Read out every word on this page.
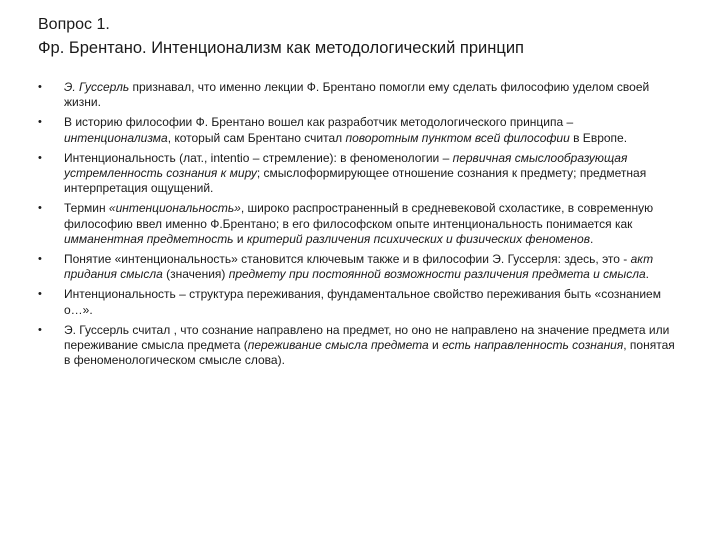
Вопрос 1.
Фр. Брентано. Интенционализм как методологический принцип
• Э. Гуссерль признавал, что именно лекции Ф. Брентано помогли ему сделать философию уделом своей жизни.
• В историю философии Ф. Брентано вошел как разработчик методологического принципа – интенционализма, который сам Брентано считал поворотным пунктом всей философии в Европе.
• Интенциональность (лат., intentio – стремление): в феноменологии – первичная смыслообразующая устремленность сознания к миру; смыслоформирующее отношение сознания к предмету; предметная интерпретация ощущений.
• Термин «интенциональность», широко распространенный в средневековой схоластике, в современную философию ввел именно Ф.Брентано; в его философском опыте интенциональность понимается как имманентная предметность и критерий различения психических и физических феноменов.
• Понятие «интенциональность» становится ключевым также и в философии Э. Гуссерля: здесь, это - акт придания смысла (значения) предмету при постоянной возможности различения предмета и смысла.
• Интенциональность – структура переживания, фундаментальное свойство переживания быть «сознанием о…».
• Э. Гуссерль считал , что сознание направлено на предмет, но оно не направлено на значение предмета или переживание смысла предмета (переживание смысла предмета и есть направленность сознания, понятая в феноменологическом смысле слова).
